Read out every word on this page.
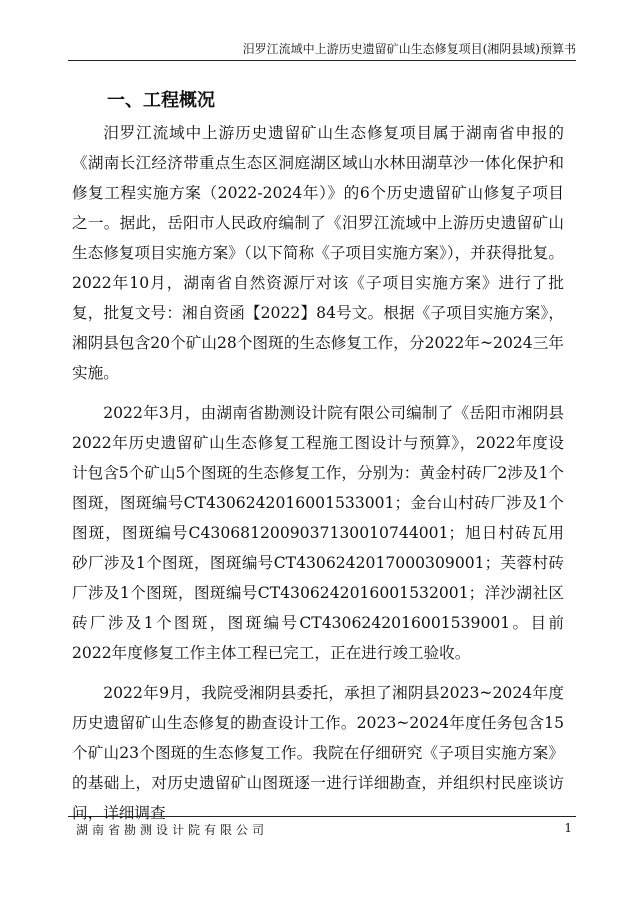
汨罗江流域中上游历史遗留矿山生态修复项目(湘阴县域)预算书
一、工程概况

汨罗江流域中上游历史遗留矿山生态修复项目属于湖南省申报的《湖南长江经济带重点生态区洞庭湖区域山水林田湖草沙一体化保护和修复工程实施方案（2022-2024年）》的6个历史遗留矿山修复子项目之一。据此，岳阳市人民政府编制了《汨罗江流域中上游历史遗留矿山生态修复项目实施方案》（以下简称《子项目实施方案》），并获得批复。2022年10月，湖南省自然资源厅对该《子项目实施方案》进行了批复，批复文号：湘自资函【2022】84号文。根据《子项目实施方案》，湘阴县包含20个矿山28个图斑的生态修复工作，分2022年~2024三年实施。

2022年3月，由湖南省勘测设计院有限公司编制了《岳阳市湘阴县2022年历史遗留矿山生态修复工程施工图设计与预算》，2022年度设计包含5个矿山5个图斑的生态修复工作，分别为：黄金村砖厂2涉及1个图斑，图斑编号CT4306242016001533001；金台山村砖厂涉及1个图斑，图斑编号C4306812009037130010744001；旭日村砖瓦用砂厂涉及1个图斑，图斑编号CT4306242017000309001；芙蓉村砖厂涉及1个图斑，图斑编号CT4306242016001532001；洋沙湖社区砖厂涉及1个图斑，图斑编号CT4306242016001539001。目前2022年度修复工作主体工程已完工，正在进行竣工验收。

2022年9月，我院受湘阴县委托，承担了湘阴县2023~2024年度历史遗留矿山生态修复的勘查设计工作。2023~2024年度任务包含15个矿山23个图斑的生态修复工作。我院在仔细研究《子项目实施方案》的基础上，对历史遗留矿山图斑逐一进行详细勘查，并组织村民座谈访问，详细调查

湖南省勘测设计院有限公司	1
